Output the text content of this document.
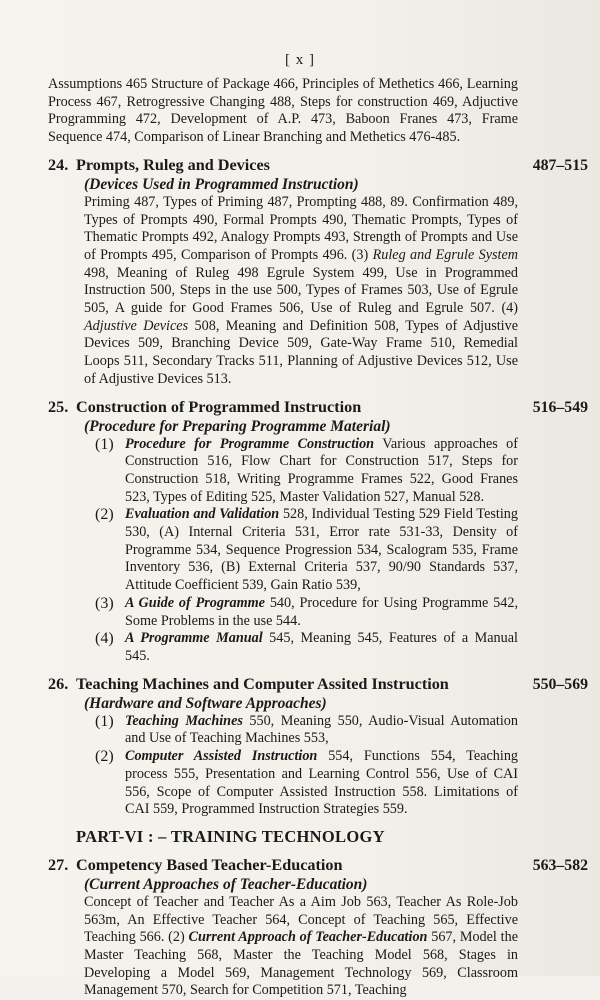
[ x ]

Assumptions 465 Structure of Package 466, Principles of Methetics 466, Learning Process 467, Retrogressive Changing 488, Steps for construction 469, Adjuctive Programming 472, Development of A.P. 473, Baboon Franes 473, Frame Sequence 474, Comparison of Linear Branching and Methetics 476-485.

24. Prompts, Ruleg and Devices	487–515
(Devices Used in Programmed Instruction)

Priming 487, Types of Priming 487, Prompting 488, 89. Confirmation 489, Types of Prompts 490, Formal Prompts 490, Thematic Prompts, Types of Thematic Prompts 492, Analogy Prompts 493, Strength of Prompts and Use of Prompts 495, Comparison of Prompts 496. (3) Ruleg and Egrule System 498, Meaning of Ruleg 498 Egrule System 499, Use in Programmed Instruction 500, Steps in the use 500, Types of Frames 503, Use of Egrule 505, A guide for Good Frames 506, Use of Ruleg and Egrule 507. (4) Adjustive Devices 508, Meaning and Definition 508, Types of Adjustive Devices 509, Branching Device 509, Gate-Way Frame 510, Remedial Loops 511, Secondary Tracks 511, Planning of Adjustive Devices 512, Use of Adjustive Devices 513.

25. Construction of Programmed Instruction	516–549
(Procedure for Preparing Programme Material)
(1) Procedure for Programme Construction Various approaches of Construction 516, Flow Chart for Construction 517, Steps for Construction 518, Writing Programme Frames 522, Good Franes 523, Types of Editing 525, Master Validation 527, Manual 528.

(2) Evaluation and Validation 528, Individual Testing 529 Field Testing 530, (A) Internal Criteria 531, Error rate 531-33, Density of Programme 534, Sequence Progression 534, Scalogram 535, Frame Inventory 536, (B) External Criteria 537, 90/90 Standards 537, Attitude Coefficient 539, Gain Ratio 539,

(3) A Guide of Programme 540, Procedure for Using Programme 542, Some Problems in the use 544.

(4) A Programme Manual 545, Meaning 545, Features of a Manual 545.

26. Teaching Machines and Computer Assited Instruction	550–569
(Hardware and Software Approaches)
(1) Teaching Machines 550, Meaning 550, Audio-Visual Automation and Use of Teaching Machines 553,

(2) Computer Assisted Instruction 554, Functions 554, Teaching process 555, Presentation and Learning Control 556, Use of CAI 556, Scope of Computer Assisted Instruction 558. Limitations of CAI 559, Programmed Instruction Strategies 559.

PART-VI : – TRAINING TECHNOLOGY
27. Competency Based Teacher-Education	563–582
(Current Approaches of Teacher-Education)

Concept of Teacher and Teacher As a Aim Job 563, Teacher As Role-Job 563m, An Effective Teacher 564, Concept of Teaching 565, Effective Teaching 566. (2) Current Approach of Teacher-Education 567, Model the Master Teaching 568, Master the Teaching Model 568, Stages in Developing a Model 569, Management Technology 569, Classroom Management 570, Search for Competition 571, Teaching
